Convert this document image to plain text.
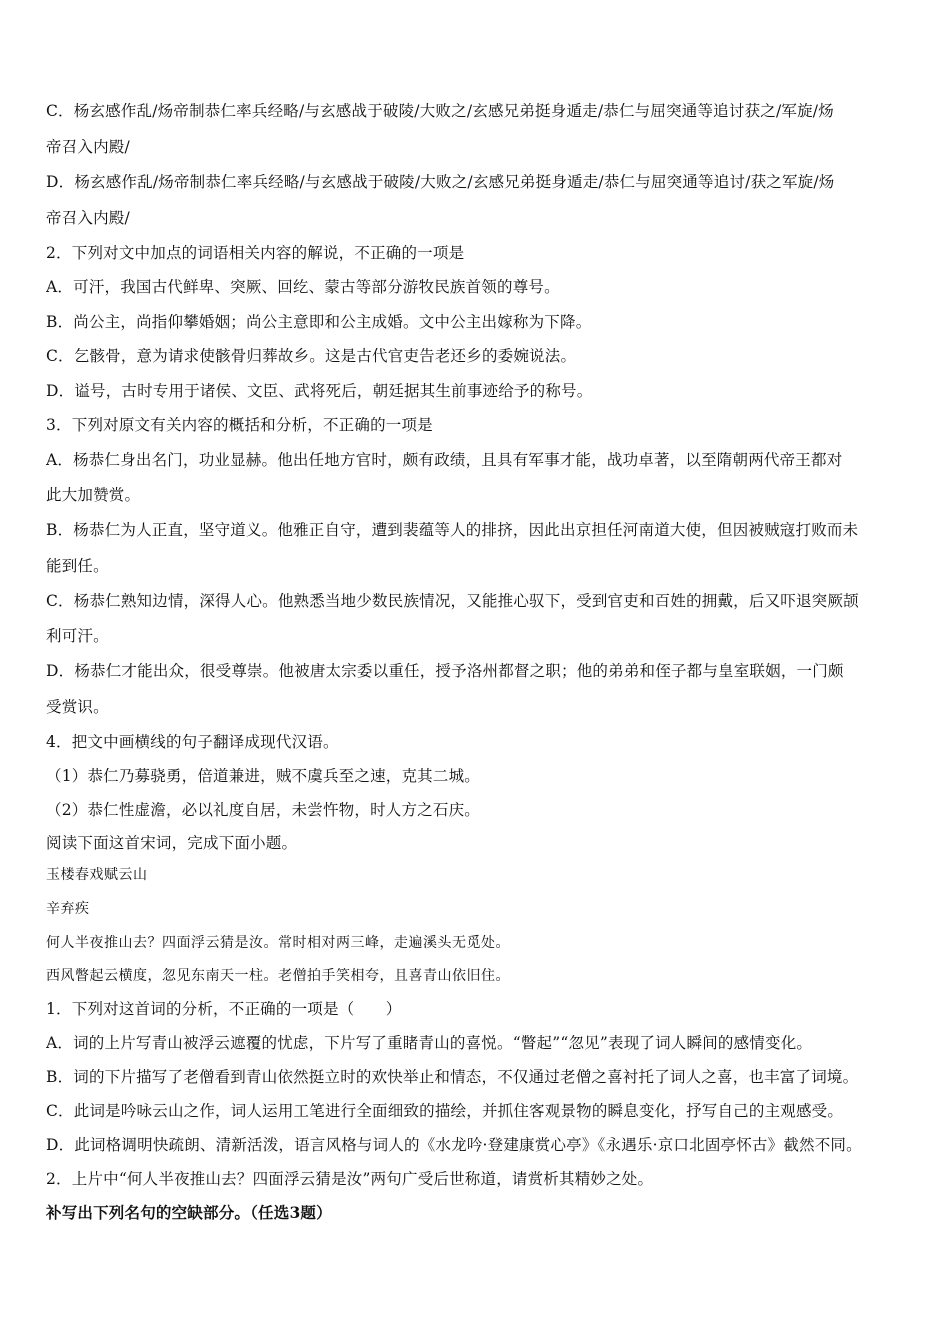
C．杨玄感作乱/炀帝制恭仁率兵经略/与玄感战于破陵/大败之/玄感兄弟挺身遁走/恭仁与屈突通等追讨获之/军旋/炀
帝召入内殿/
D．杨玄感作乱/炀帝制恭仁率兵经略/与玄感战于破陵/大败之/玄感兄弟挺身遁走/恭仁与屈突通等追讨/获之军旋/炀
帝召入内殿/
2．下列对文中加点的词语相关内容的解说，不正确的一项是
A．可汗，我国古代鲜卑、突厥、回纥、蒙古等部分游牧民族首领的尊号。
B．尚公主，尚指仰攀婚姻；尚公主意即和公主成婚。文中公主出嫁称为下降。
C．乞骸骨，意为请求使骸骨归葬故乡。这是古代官吏告老还乡的委婉说法。
D．谥号，古时专用于诸侯、文臣、武将死后，朝廷据其生前事迹给予的称号。
3．下列对原文有关内容的概括和分析，不正确的一项是
A．杨恭仁身出名门，功业显赫。他出任地方官时，颇有政绩，且具有军事才能，战功卓著，以至隋朝两代帝王都对
此大加赞赏。
B．杨恭仁为人正直，坚守道义。他雅正自守，遭到裴蕴等人的排挤，因此出京担任河南道大使，但因被贼寇打败而未
能到任。
C．杨恭仁熟知边情，深得人心。他熟悉当地少数民族情况，又能推心驭下，受到官吏和百姓的拥戴，后又吓退突厥颉
利可汗。
D．杨恭仁才能出众，很受尊崇。他被唐太宗委以重任，授予洛州都督之职；他的弟弟和侄子都与皇室联姻，一门颇
受赏识。
4．把文中画横线的句子翻译成现代汉语。
（1）恭仁乃募骁勇，倍道兼进，贼不虞兵至之速，克其二城。
（2）恭仁性虚澹，必以礼度自居，未尝忤物，时人方之石庆。
阅读下面这首宋词，完成下面小题。
玉楼春戏赋云山
辛弃疾
何人半夜推山去？四面浮云猜是汝。常时相对两三峰，走遍溪头无觅处。
西风瞥起云横度，忽见东南天一柱。老僧拍手笑相夸，且喜青山依旧住。
1．下列对这首词的分析，不正确的一项是（　　）
A．词的上片写青山被浮云遮覆的忧虑，下片写了重睹青山的喜悦。“瞥起”“忽见”表现了词人瞬间的感情变化。
B．词的下片描写了老僧看到青山依然挺立时的欢快举止和情态，不仅通过老僧之喜衬托了词人之喜，也丰富了词境。
C．此词是吟咏云山之作，词人运用工笔进行全面细致的描绘，并抓住客观景物的瞬息变化，抒写自己的主观感受。
D．此词格调明快疏朗、清新活泼，语言风格与词人的《水龙吟·登建康赏心亭》《永遇乐·京口北固亭怀古》截然不同。
2．上片中“何人半夜推山去？四面浮云猜是汝”两句广受后世称道，请赏析其精妙之处。
补写出下列名句的空缺部分。（任选3题）
